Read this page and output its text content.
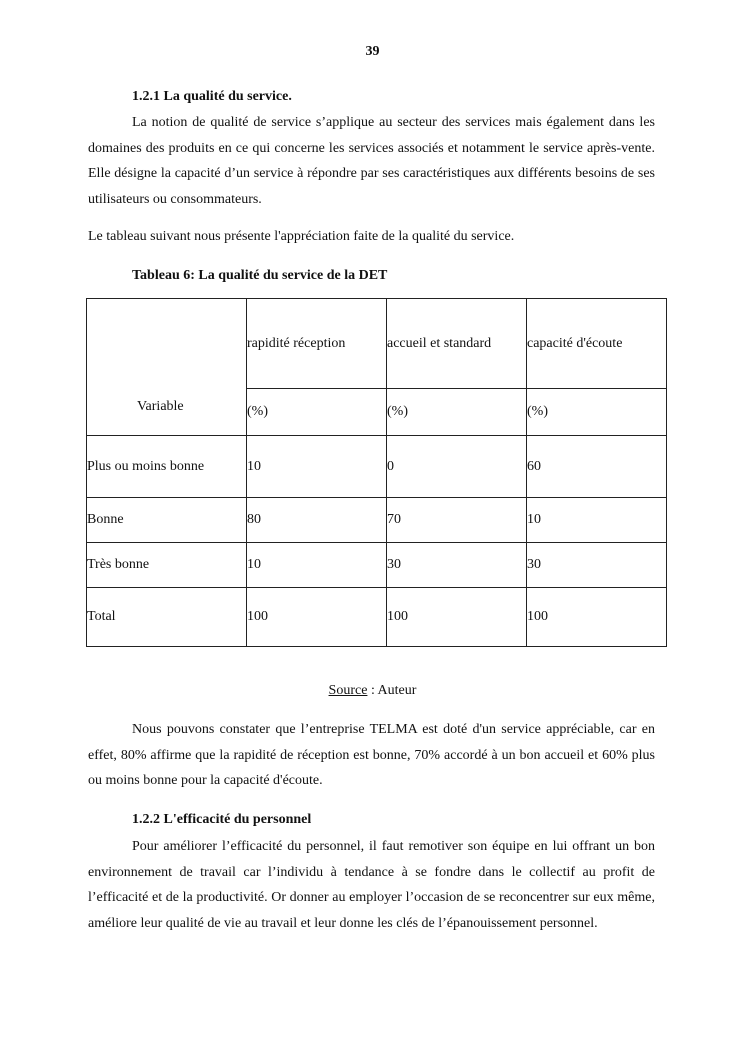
39
1.2.1 La qualité du service.

La notion de qualité de service s’applique au secteur des services mais également dans les domaines des produits en ce qui concerne les services associés et notamment le service après-vente. Elle désigne la capacité d’un service à répondre par ses caractéristiques aux différents besoins de ses utilisateurs ou consommateurs.

Le tableau suivant nous présente l'appréciation faite de la qualité du service.
Tableau 6: La qualité du service de la DET
Variable	rapidité réception	accueil et standard	capacité d'écoute
	(%)	(%)	(%)
Plus ou moins bonne	10	0	60
Bonne	80	70	10
Très bonne	10	30	30
Total	100	100	100
Source : Auteur

Nous pouvons constater que l’entreprise TELMA est doté d'un service appréciable, car en effet, 80% affirme que la rapidité de réception est bonne, 70% accordé à un bon accueil et 60% plus ou moins bonne pour la capacité d'écoute.

1.2.2 L'efficacité du personnel

Pour améliorer l’efficacité du personnel, il faut remotiver son équipe en lui offrant un bon environnement de travail car l’individu à tendance à se fondre dans le collectif au profit de l’efficacité et de la productivité. Or donner au employer l’occasion de se reconcentrer sur eux même, améliore leur qualité de vie au travail et leur donne les clés de l’épanouissement personnel.
